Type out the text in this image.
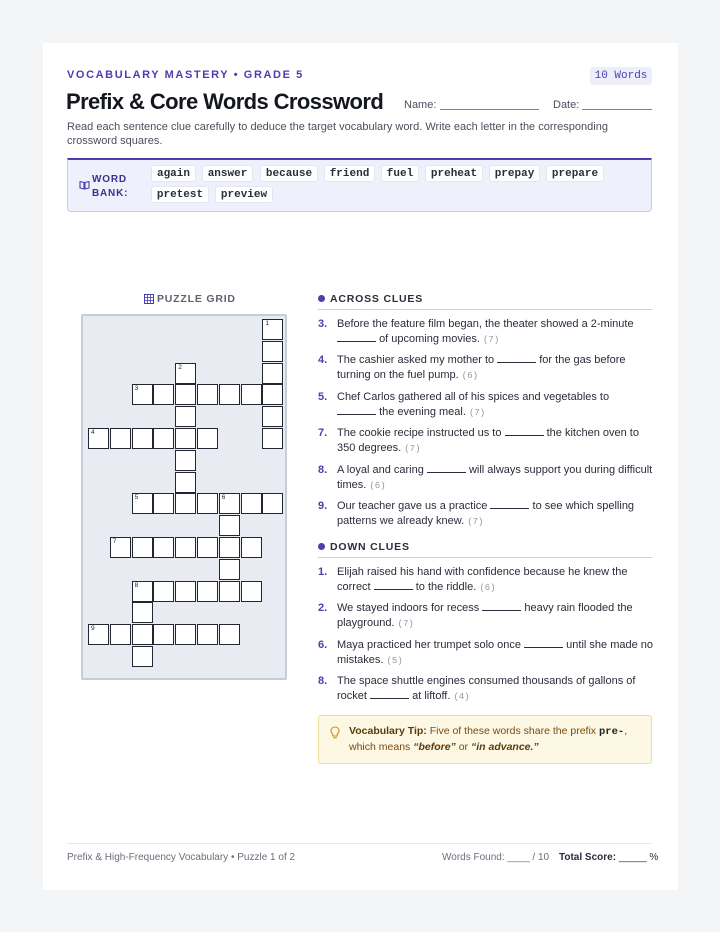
VOCABULARY MASTERY • GRADE 5	10 Words
Prefix & Core Words Crossword Name:	Date:
Read each sentence clue carefully to deduce the target vocabulary word. Write each letter in the corresponding crossword squares.
WORD
BANK:
again	answer	because	friend	fuel	preheat	prepay	prepare
pretest	preview
PUZZLE GRID
1
2
3
4
5	6
7
8
9
ACROSS CLUES
3. Before the feature film began, the theater showed a 2-minute
of upcoming movies. (7)
4. The cashier asked my mother to	for the gas before turning on the fuel pump. (6)
5. Chef Carlos gathered all of his spices and vegetables to
the evening meal. (7)
7. The cookie recipe instructed us to	the kitchen oven to 350 degrees. (7)
8. A loyal and caring	will always support you during difficult times. (6)
9. Our teacher gave us a practice	to see which spelling patterns we already knew. (7)
DOWN CLUES
1. Elijah raised his hand with confidence because he knew the correct	to the riddle. (6)
2. We stayed indoors for recess	heavy rain flooded the playground. (7)
6. Maya practiced her trumpet solo once	until she made no mistakes. (5)
8. The space shuttle engines consumed thousands of gallons of rocket	at liftoff. (4)
Vocabulary Tip: Five of these words share the prefix pre-, which means “before” or “in advance.”
Prefix & High-Frequency Vocabulary • Puzzle 1 of 2	Words Found: ____ / 10 Total Score: _____ %
